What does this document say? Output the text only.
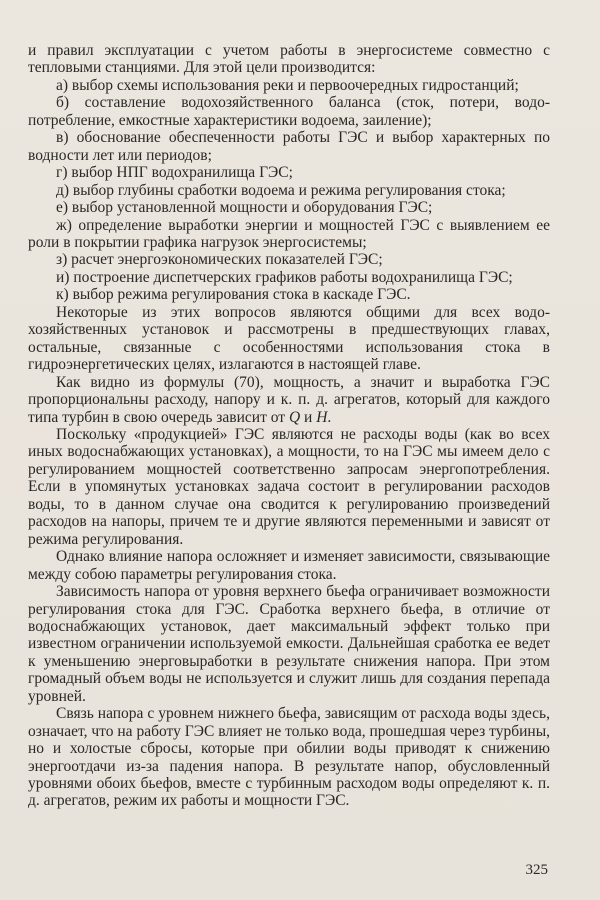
и правил эксплуатации с учетом работы в энергосистеме совместно с тепловыми станциями. Для этой цели производится:

а) выбор схемы использования реки и первоочередных гидростанций;

б) составление водохозяйственного баланса (сток, потери, водопотребление, емкостные характеристики водоема, заиление);

в) обоснование обеспеченности работы ГЭС и выбор характерных по водности лет или периодов;

г) выбор НПГ водохранилища ГЭС;

д) выбор глубины сработки водоема и режима регулирования стока;

е) выбор установленной мощности и оборудования ГЭС;

ж) определение выработки энергии и мощностей ГЭС с выявлением ее роли в покрытии графика нагрузок энергосистемы;

з) расчет энергоэкономических показателей ГЭС;

и) построение диспетчерских графиков работы водохранилища ГЭС;

к) выбор режима регулирования стока в каскаде ГЭС.

Некоторые из этих вопросов являются общими для всех водохозяйственных установок и рассмотрены в предшествующих главах, остальные, связанные с особенностями использования стока в гидроэнергетических целях, излагаются в настоящей главе.

Как видно из формулы (70), мощность, а значит и выработка ГЭС пропорциональны расходу, напору и к. п. д. агрегатов, который для каждого типа турбин в свою очередь зависит от Q и H.

Поскольку «продукцией» ГЭС являются не расходы воды (как во всех иных водоснабжающих установках), а мощности, то на ГЭС мы имеем дело с регулированием мощностей соответственно запросам энергопотребления. Если в упомянутых установках задача состоит в регулировании расходов воды, то в данном случае она сводится к регулированию произведений расходов на напоры, причем те и другие являются переменными и зависят от режима регулирования.

Однако влияние напора осложняет и изменяет зависимости, связывающие между собою параметры регулирования стока.

Зависимость напора от уровня верхнего бьефа ограничивает возможности регулирования стока для ГЭС. Сработка верхнего бьефа, в отличие от водоснабжающих установок, дает максимальный эффект только при известном ограничении используемой емкости. Дальнейшая сработка ее ведет к уменьшению энерговыработки в результате снижения напора. При этом громадный объем воды не используется и служит лишь для создания перепада уровней.

Связь напора с уровнем нижнего бьефа, зависящим от расхода воды здесь, означает, что на работу ГЭС влияет не только вода, прошедшая через турбины, но и холостые сбросы, которые при обилии воды приводят к снижению энергоотдачи из-за падения напора. В результате напор, обусловленный уровнями обоих бьефов, вместе с турбинным расходом воды определяют к. п. д. агрегатов, режим их работы и мощности ГЭС.

325
